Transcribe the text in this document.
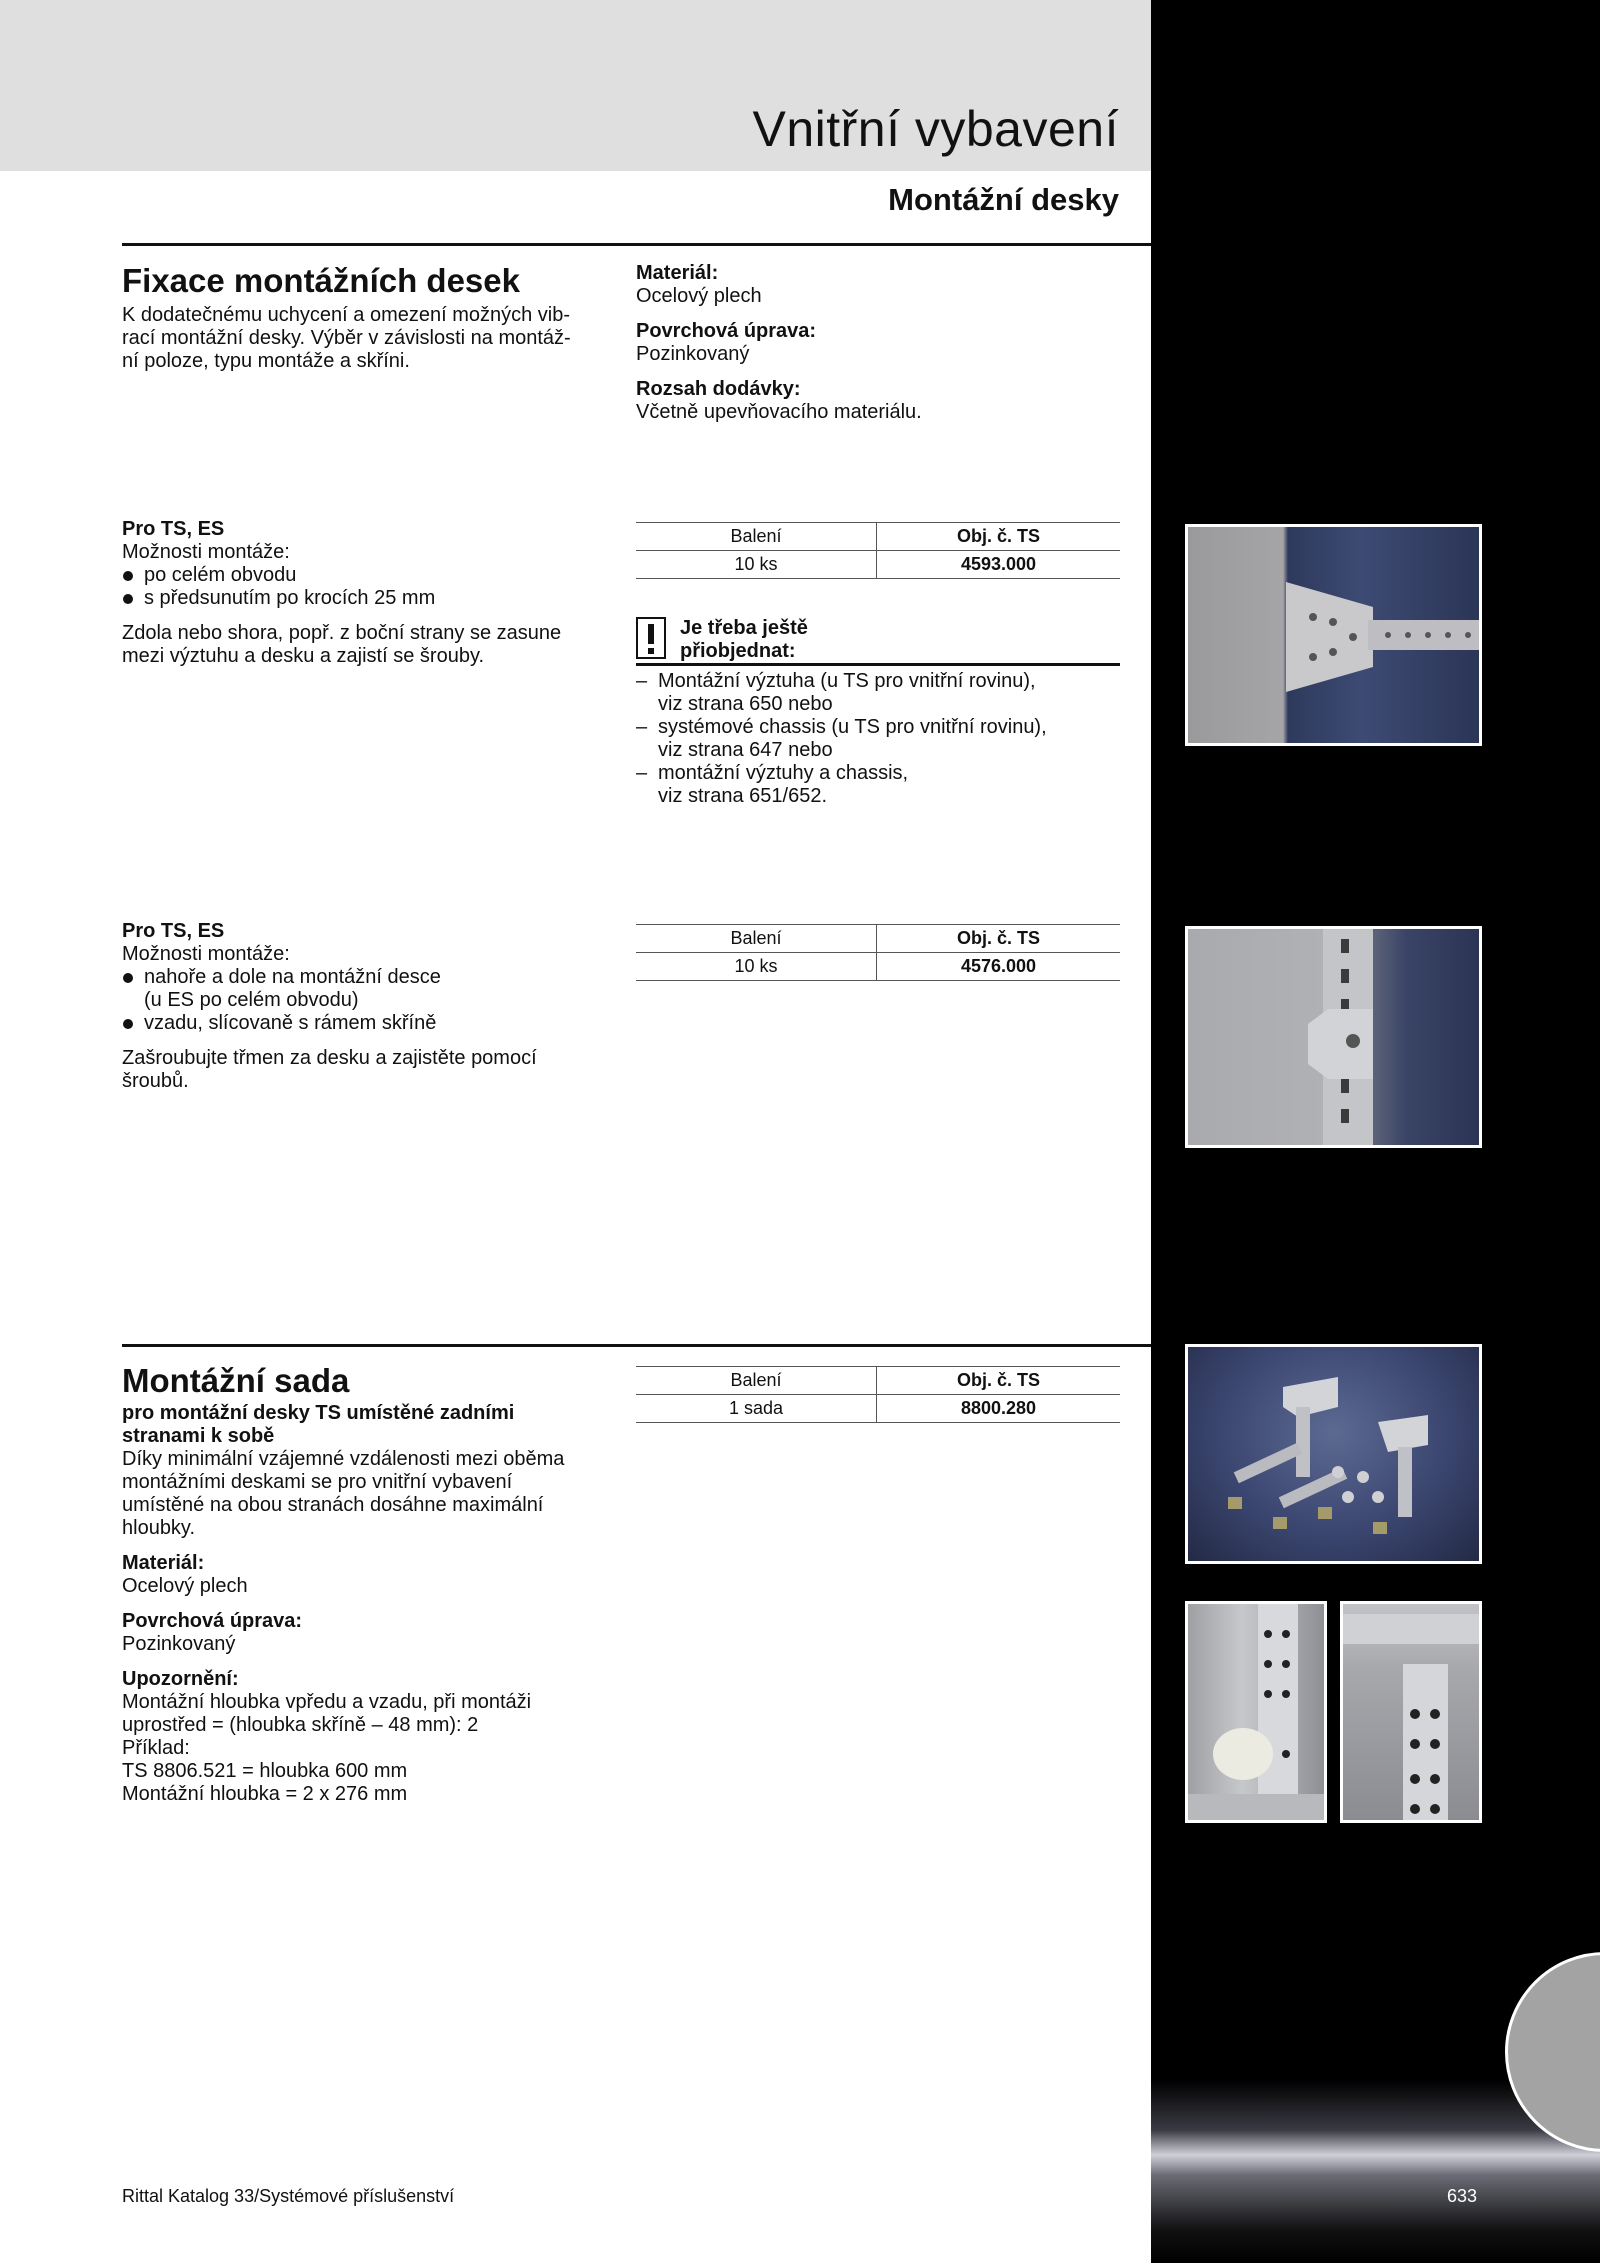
Vnitřní vybavení
Montážní desky
Fixace montážních desek
K dodatečnému uchycení a omezení možných vib-
rací montážní desky. Výběr v závislosti na montáž-
ní poloze, typu montáže a skříni.
Materiál:
Ocelový plech
Povrchová úprava:
Pozinkovaný
Rozsah dodávky:
Včetně upevňovacího materiálu.
Pro TS, ES
Možnosti montáže:
po celém obvodu
s předsunutím po krocích 25 mm
Zdola nebo shora, popř. z boční strany se zasune
mezi výztuhu a desku a zajistí se šrouby.
Balení	Obj. č. TS
10 ks	4593.000
Je třeba ještě
přiobjednat:
– Montážní výztuha (u TS pro vnitřní rovinu),
viz strana 650 nebo
– systémové chassis (u TS pro vnitřní rovinu),
viz strana 647 nebo
– montážní výztuhy a chassis,
viz strana 651/652.
Pro TS, ES
Možnosti montáže:
nahoře a dole na montážní desce
(u ES po celém obvodu)
vzadu, slícovaně s rámem skříně
Zašroubujte třmen za desku a zajistěte pomocí
šroubů.
Balení	Obj. č. TS
10 ks	4576.000
Montážní sada
pro montážní desky TS umístěné zadními
stranami k sobě
Díky minimální vzájemné vzdálenosti mezi oběma
montážními deskami se pro vnitřní vybavení
umístěné na obou stranách dosáhne maximální
hloubky.
Materiál:
Ocelový plech
Povrchová úprava:
Pozinkovaný
Upozornění:
Montážní hloubka vpředu a vzadu, při montáži
uprostřed = (hloubka skříně – 48 mm): 2
Příklad:
TS 8806.521 = hloubka 600 mm
Montážní hloubka = 2 x 276 mm
Balení	Obj. č. TS
1 sada	8800.280
Rittal Katalog 33/Systémové příslušenství	633
